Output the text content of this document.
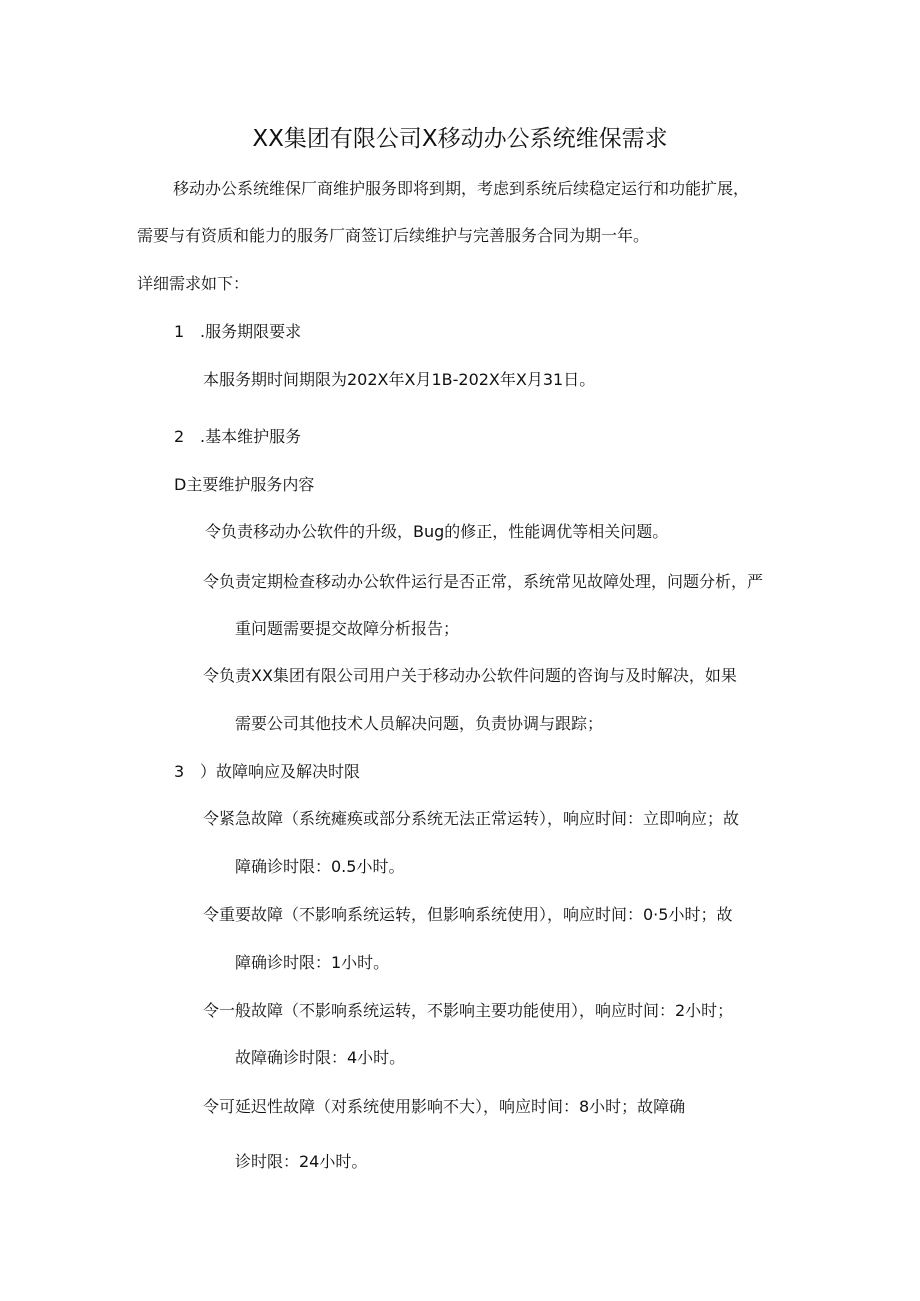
XX集团有限公司X移动办公系统维保需求
移动办公系统维保厂商维护服务即将到期，考虑到系统后续稳定运行和功能扩展，
需要与有资质和能力的服务厂商签订后续维护与完善服务合同为期一年。
详细需求如下：
1 .服务期限要求
本服务期时间期限为202X年X月1B-202X年X月31日。
2 .基本维护服务
D主要维护服务内容
令负责移动办公软件的升级，Bug的修正，性能调优等相关问题。
令负责定期检查移动办公软件运行是否正常，系统常见故障处理，问题分析，严
重问题需要提交故障分析报告；
令负责XX集团有限公司用户关于移动办公软件问题的咨询与及时解决，如果
需要公司其他技术人员解决问题，负责协调与跟踪；
3 ）故障响应及解决时限
令紧急故障（系统瘫痪或部分系统无法正常运转），响应时间：立即响应；故
障确诊时限：0.5小时。
令重要故障（不影响系统运转，但影响系统使用），响应时间：0·5小时；故
障确诊时限：1小时。
令一般故障（不影响系统运转，不影响主要功能使用），响应时间：2小时；
故障确诊时限：4小时。
令可延迟性故障（对系统使用影响不大），响应时间：8小时；故障确
诊时限：24小时。
